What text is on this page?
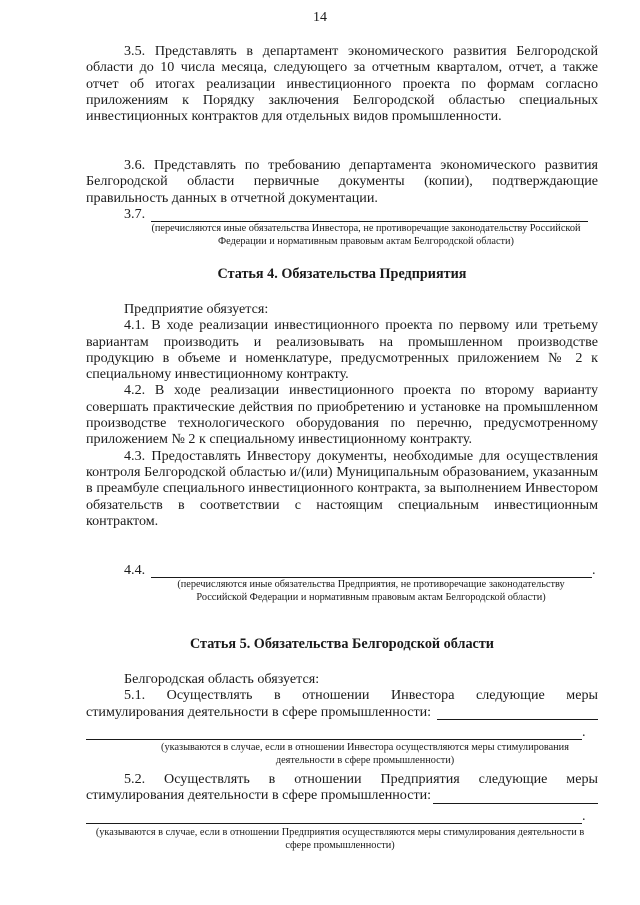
14
3.5. Представлять в департамент экономического развития Белгородской области до 10 числа месяца, следующего за отчетным кварталом, отчет, а также отчет об итогах реализации инвестиционного проекта по формам согласно приложениям к Порядку заключения Белгородской областью специальных инвестиционных контрактов для отдельных видов промышленности.
3.6. Представлять по требованию департамента экономического развития Белгородской области первичные документы (копии), подтверждающие правильность данных в отчетной документации.
3.7.
(перечисляются иные обязательства Инвестора, не противоречащие законодательству Российской Федерации и нормативным правовым актам Белгородской области)
Статья 4. Обязательства Предприятия
Предприятие обязуется:
4.1. В ходе реализации инвестиционного проекта по первому или третьему вариантам производить и реализовывать на промышленном производстве продукцию в объеме и номенклатуре, предусмотренных приложением № 2 к специальному инвестиционному контракту.
4.2. В ходе реализации инвестиционного проекта по второму варианту совершать практические действия по приобретению и установке на промышленном производстве технологического оборудования по перечню, предусмотренному приложением № 2 к специальному инвестиционному контракту.
4.3. Предоставлять Инвестору документы, необходимые для осуществления контроля Белгородской областью и/(или) Муниципальным образованием, указанным в преамбуле специального инвестиционного контракта, за выполнением Инвестором обязательств в соответствии с настоящим специальным инвестиционным контрактом.
4.4.	.
(перечисляются иные обязательства Предприятия, не противоречащие законодательству Российской Федерации и нормативным правовым актам Белгородской области)
Статья 5. Обязательства Белгородской области
Белгородская область обязуется:
5.1. Осуществлять в отношении Инвестора следующие меры
стимулирования деятельности в сфере промышленности:
.
(указываются в случае, если в отношении Инвестора осуществляются меры стимулирования деятельности в сфере промышленности)
5.2. Осуществлять в отношении Предприятия следующие меры
стимулирования деятельности в сфере промышленности:
.
(указываются в случае, если в отношении Предприятия осуществляются меры стимулирования деятельности в сфере промышленности)
